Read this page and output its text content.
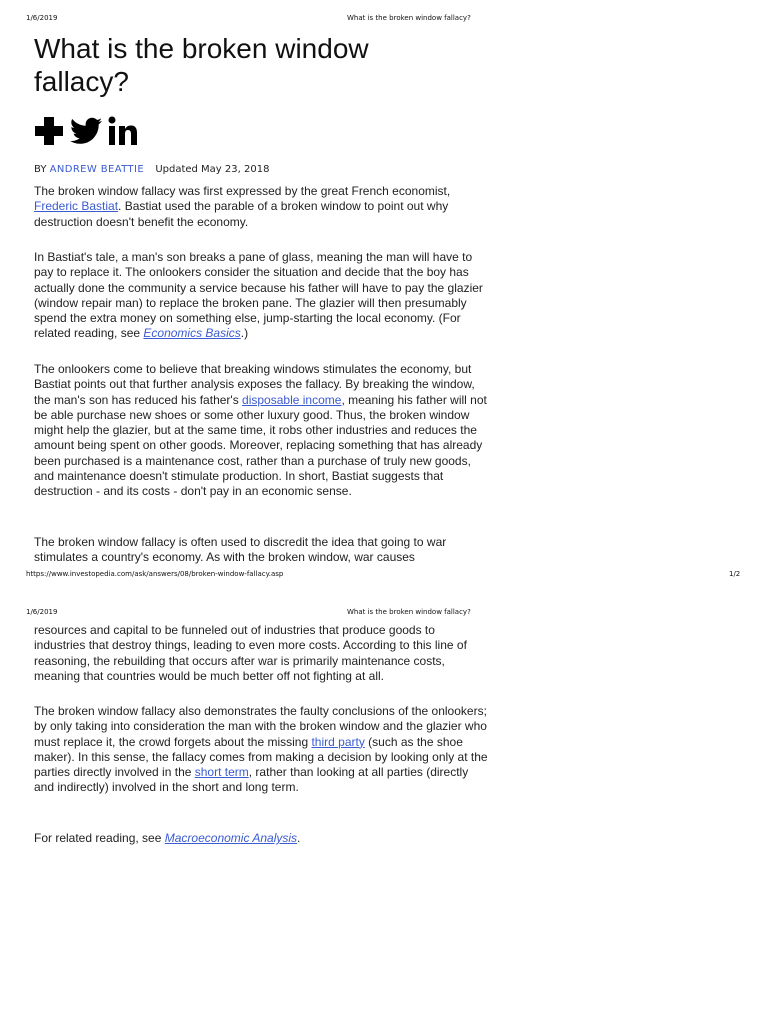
1/6/2019	What is the broken window fallacy?
What is the broken window fallacy?
BY ANDREW BEATTIE Updated May 23, 2018

The broken window fallacy was first expressed by the great French economist, Frederic Bastiat. Bastiat used the parable of a broken window to point out why destruction doesn't benefit the economy.

In Bastiat's tale, a man's son breaks a pane of glass, meaning the man will have to pay to replace it. The onlookers consider the situation and decide that the boy has actually done the community a service because his father will have to pay the glazier (window repair man) to replace the broken pane. The glazier will then presumably spend the extra money on something else, jump-starting the local economy. (For related reading, see Economics Basics.)

The onlookers come to believe that breaking windows stimulates the economy, but Bastiat points out that further analysis exposes the fallacy. By breaking the window, the man's son has reduced his father's disposable income, meaning his father will not be able purchase new shoes or some other luxury good. Thus, the broken window might help the glazier, but at the same time, it robs other industries and reduces the amount being spent on other goods. Moreover, replacing something that has already been purchased is a maintenance cost, rather than a purchase of truly new goods, and maintenance doesn't stimulate production. In short, Bastiat suggests that destruction - and its costs - don't pay in an economic sense.

The broken window fallacy is often used to discredit the idea that going to war stimulates a country's economy. As with the broken window, war causes

https://www.investopedia.com/ask/answers/08/broken-window-fallacy.asp	1/2
1/6/2019	What is the broken window fallacy?

resources and capital to be funneled out of industries that produce goods to industries that destroy things, leading to even more costs. According to this line of reasoning, the rebuilding that occurs after war is primarily maintenance costs, meaning that countries would be much better off not fighting at all.

The broken window fallacy also demonstrates the faulty conclusions of the onlookers; by only taking into consideration the man with the broken window and the glazier who must replace it, the crowd forgets about the missing third party (such as the shoe maker). In this sense, the fallacy comes from making a decision by looking only at the parties directly involved in the short term, rather than looking at all parties (directly and indirectly) involved in the short and long term.

For related reading, see Macroeconomic Analysis.
